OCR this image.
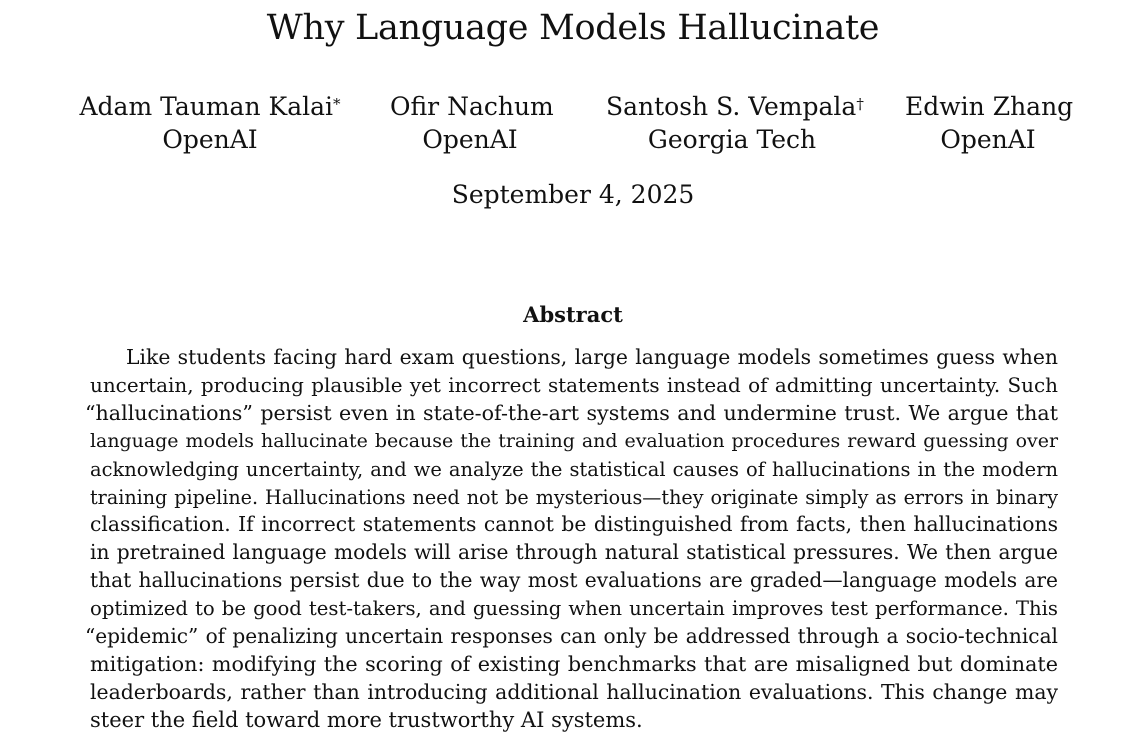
Why Language Models Hallucinate
Adam Tauman Kalai*
OpenAI
Ofir Nachum
OpenAI
Santosh S. Vempala†
Georgia Tech
Edwin Zhang
OpenAI
September 4, 2025
Abstract
Like students facing hard exam questions, large language models sometimes guess when
uncertain, producing plausible yet incorrect statements instead of admitting uncertainty. Such
“hallucinations” persist even in state-of-the-art systems and undermine trust. We argue that
language models hallucinate because the training and evaluation procedures reward guessing over
acknowledging uncertainty, and we analyze the statistical causes of hallucinations in the modern
training pipeline. Hallucinations need not be mysterious—they originate simply as errors in binary
classification. If incorrect statements cannot be distinguished from facts, then hallucinations
in pretrained language models will arise through natural statistical pressures. We then argue
that hallucinations persist due to the way most evaluations are graded—language models are
optimized to be good test-takers, and guessing when uncertain improves test performance. This
“epidemic” of penalizing uncertain responses can only be addressed through a socio-technical
mitigation: modifying the scoring of existing benchmarks that are misaligned but dominate
leaderboards, rather than introducing additional hallucination evaluations. This change may
steer the field toward more trustworthy AI systems.
